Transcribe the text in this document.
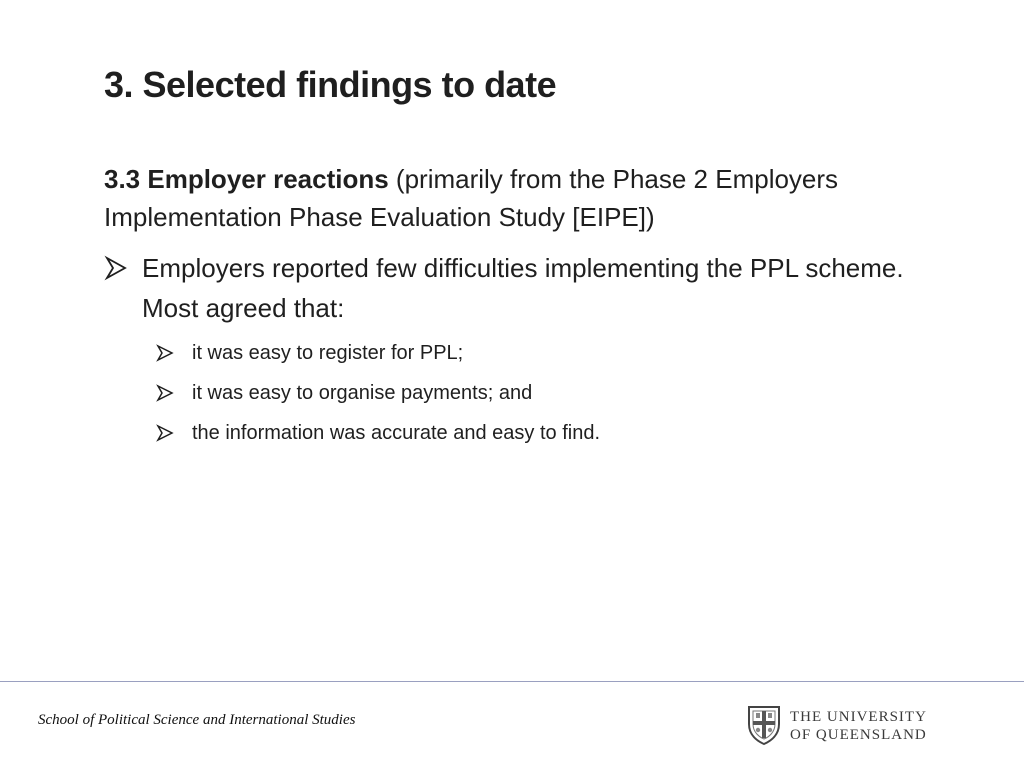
3. Selected findings to date
3.3 Employer reactions (primarily from the Phase 2 Employers Implementation Phase Evaluation Study [EIPE])
Employers reported few difficulties implementing the PPL scheme. Most agreed that:
it was easy to register for PPL;
it was easy to organise payments; and
the information was accurate and easy to find.
School of Political Science and International Studies	THE UNIVERSITY
OF QUEENSLAND
